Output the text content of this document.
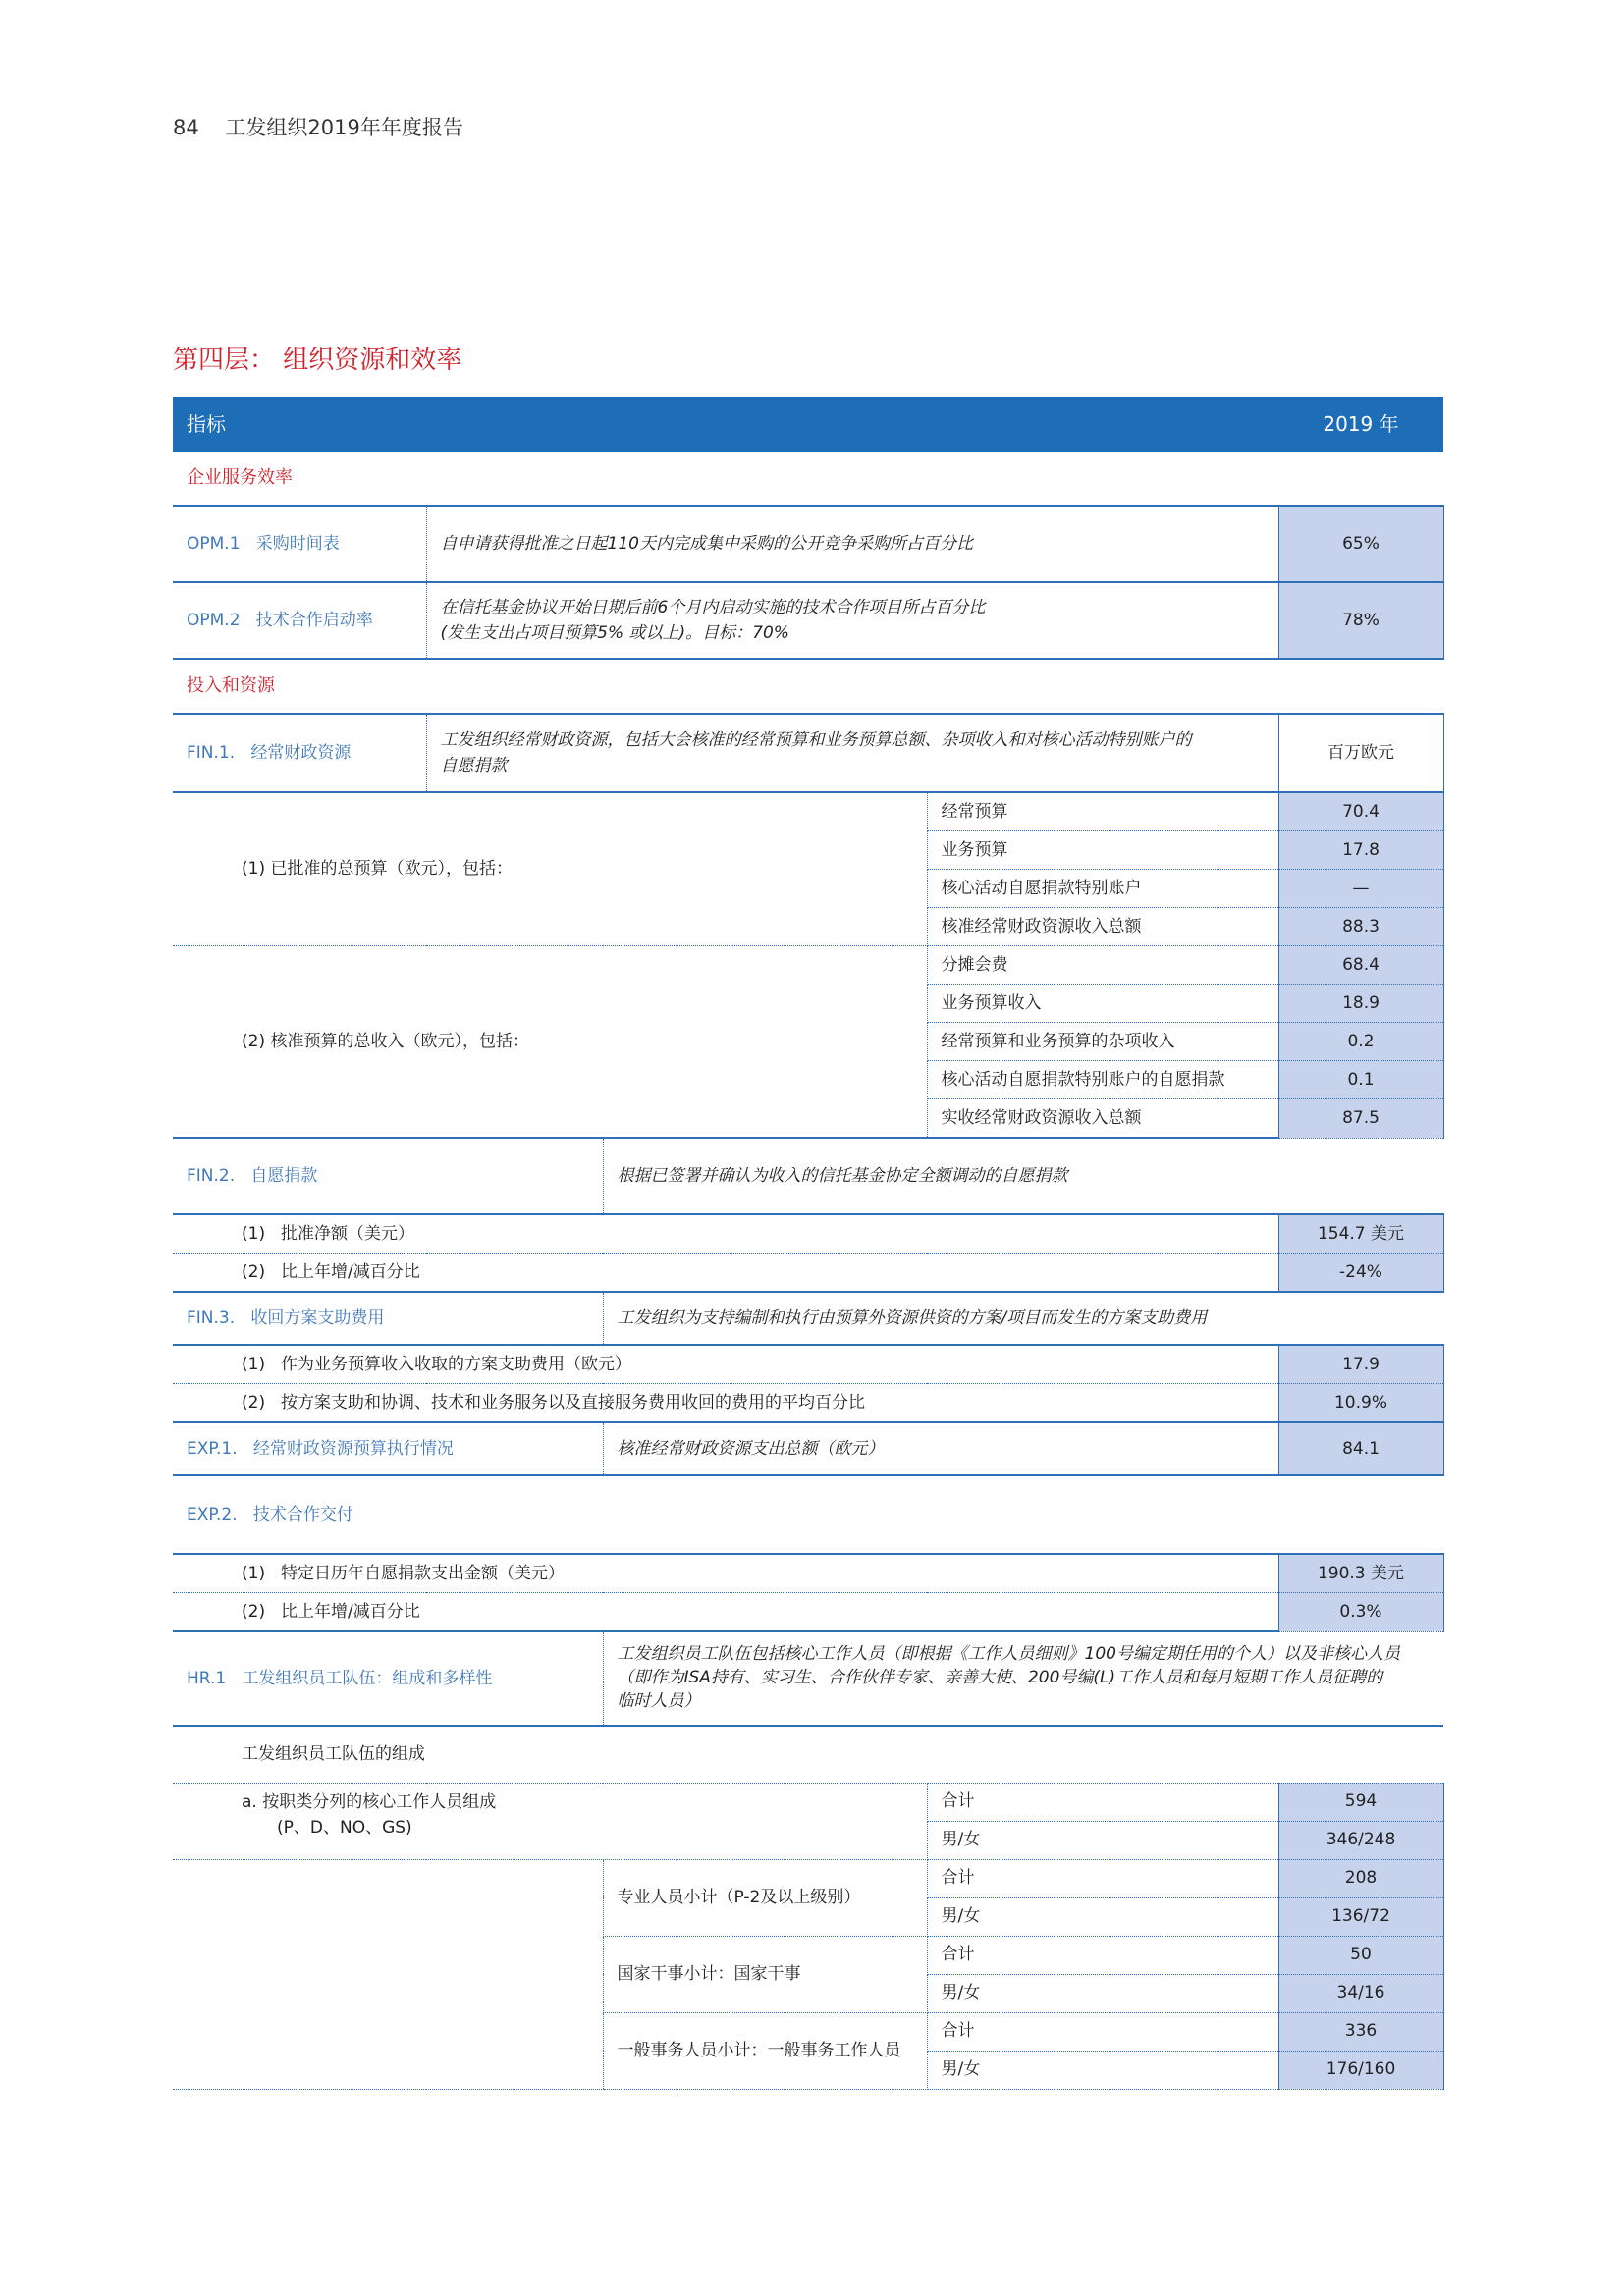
84 工发组织2019年年度报告
第四层： 组织资源和效率
指标				2019 年
企业服务效率				
OPM.1 采购时间表	自申请获得批准之日起110天内完成集中采购的公开竞争采购所占百分比			65%
OPM.2 技术合作启动率	在信托基金协议开始日期后前6个月内启动实施的技术合作项目所占百分比
(发生支出占项目预算5% 或以上)。目标：70%			78%
投入和资源				
FIN.1. 经常财政资源	工发组织经常财政资源，包括大会核准的经常预算和业务预算总额、杂项收入和对核心活动特别账户的
自愿捐款			百万欧元
(1) 已批准的总预算（欧元），包括：			经常预算	70.4
			业务预算	17.8
			核心活动自愿捐款特别账户	—
			核准经常财政资源收入总额	88.3
(2) 核准预算的总收入（欧元），包括：			分摊会费	68.4
			业务预算收入	18.9
			经常预算和业务预算的杂项收入	0.2
			核心活动自愿捐款特别账户的自愿捐款	0.1
			实收经常财政资源收入总额	87.5
FIN.2. 自愿捐款		根据已签署并确认为收入的信托基金协定全额调动的自愿捐款		
(1) 批准净额（美元）				154.7 美元
(2) 比上年增/减百分比				-24%
FIN.3. 收回方案支助费用		工发组织为支持编制和执行由预算外资源供资的方案/项目而发生的方案支助费用		
(1) 作为业务预算收入收取的方案支助费用（欧元）				17.9
(2) 按方案支助和协调、技术和业务服务以及直接服务费用收回的费用的平均百分比				10.9%
EXP.1. 经常财政资源预算执行情况		核准经常财政资源支出总额（欧元）		84.1
EXP.2. 技术合作交付				
(1) 特定日历年自愿捐款支出金额（美元）				190.3 美元
(2) 比上年增/减百分比				0.3%
HR.1 工发组织员工队伍：组成和多样性		工发组织员工队伍包括核心工作人员（即根据《工作人员细则》100号编定期任用的个人）以及非核心人员
（即作为ISA持有、实习生、合作伙伴专家、亲善大使、200号编(L)工作人员和每月短期工作人员征聘的
临时人员）		

工发组织员工队伍的组成				

a. 按职类分列的核心工作人员组成
(P、D、NO、GS)			合计	594
			男/女	346/248
		专业人员小计（P-2及以上级别）	合计	208
			男/女	136/72
		国家干事小计：国家干事	合计	50
			男/女	34/16
		一般事务人员小计：一般事务工作人员	合计	336
			男/女	176/160
